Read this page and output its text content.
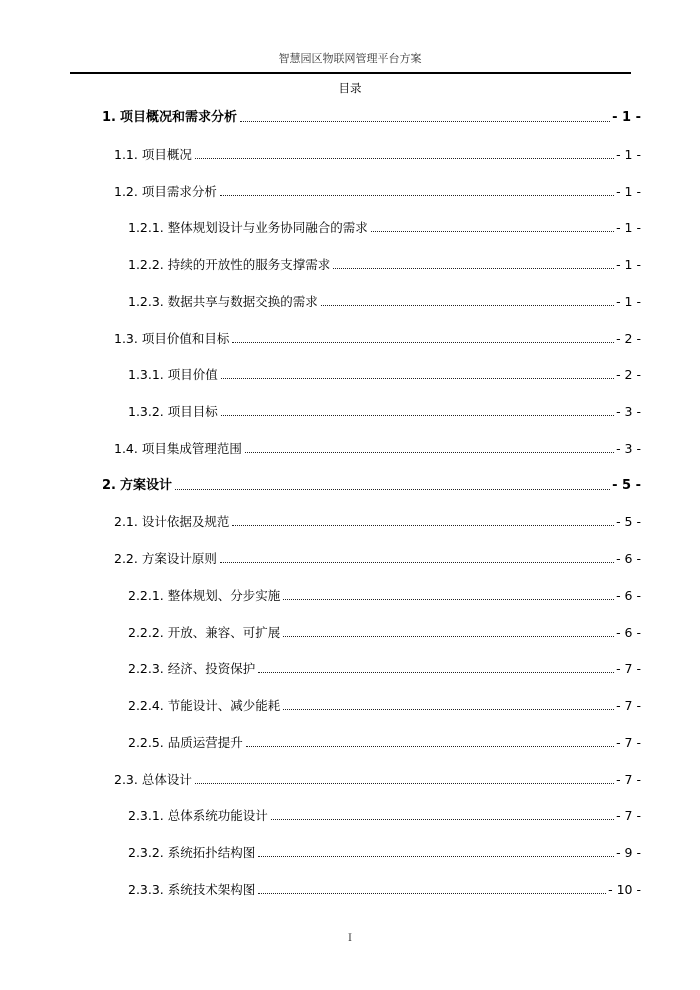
智慧园区物联网管理平台方案
目录
1. 项目概况和需求分析	- 1 -
1.1. 项目概况	- 1 -
1.2. 项目需求分析	- 1 -
1.2.1. 整体规划设计与业务协同融合的需求	- 1 -
1.2.2. 持续的开放性的服务支撑需求	- 1 -
1.2.3. 数据共享与数据交换的需求	- 1 -
1.3. 项目价值和目标	- 2 -
1.3.1. 项目价值	- 2 -
1.3.2. 项目目标	- 3 -
1.4. 项目集成管理范围	- 3 -
2. 方案设计	- 5 -
2.1. 设计依据及规范	- 5 -
2.2. 方案设计原则	- 6 -
2.2.1. 整体规划、分步实施	- 6 -
2.2.2. 开放、兼容、可扩展	- 6 -
2.2.3. 经济、投资保护	- 7 -
2.2.4. 节能设计、减少能耗	- 7 -
2.2.5. 品质运营提升	- 7 -
2.3. 总体设计	- 7 -
2.3.1. 总体系统功能设计	- 7 -
2.3.2. 系统拓扑结构图	- 9 -
2.3.3. 系统技术架构图	- 10 -
I
